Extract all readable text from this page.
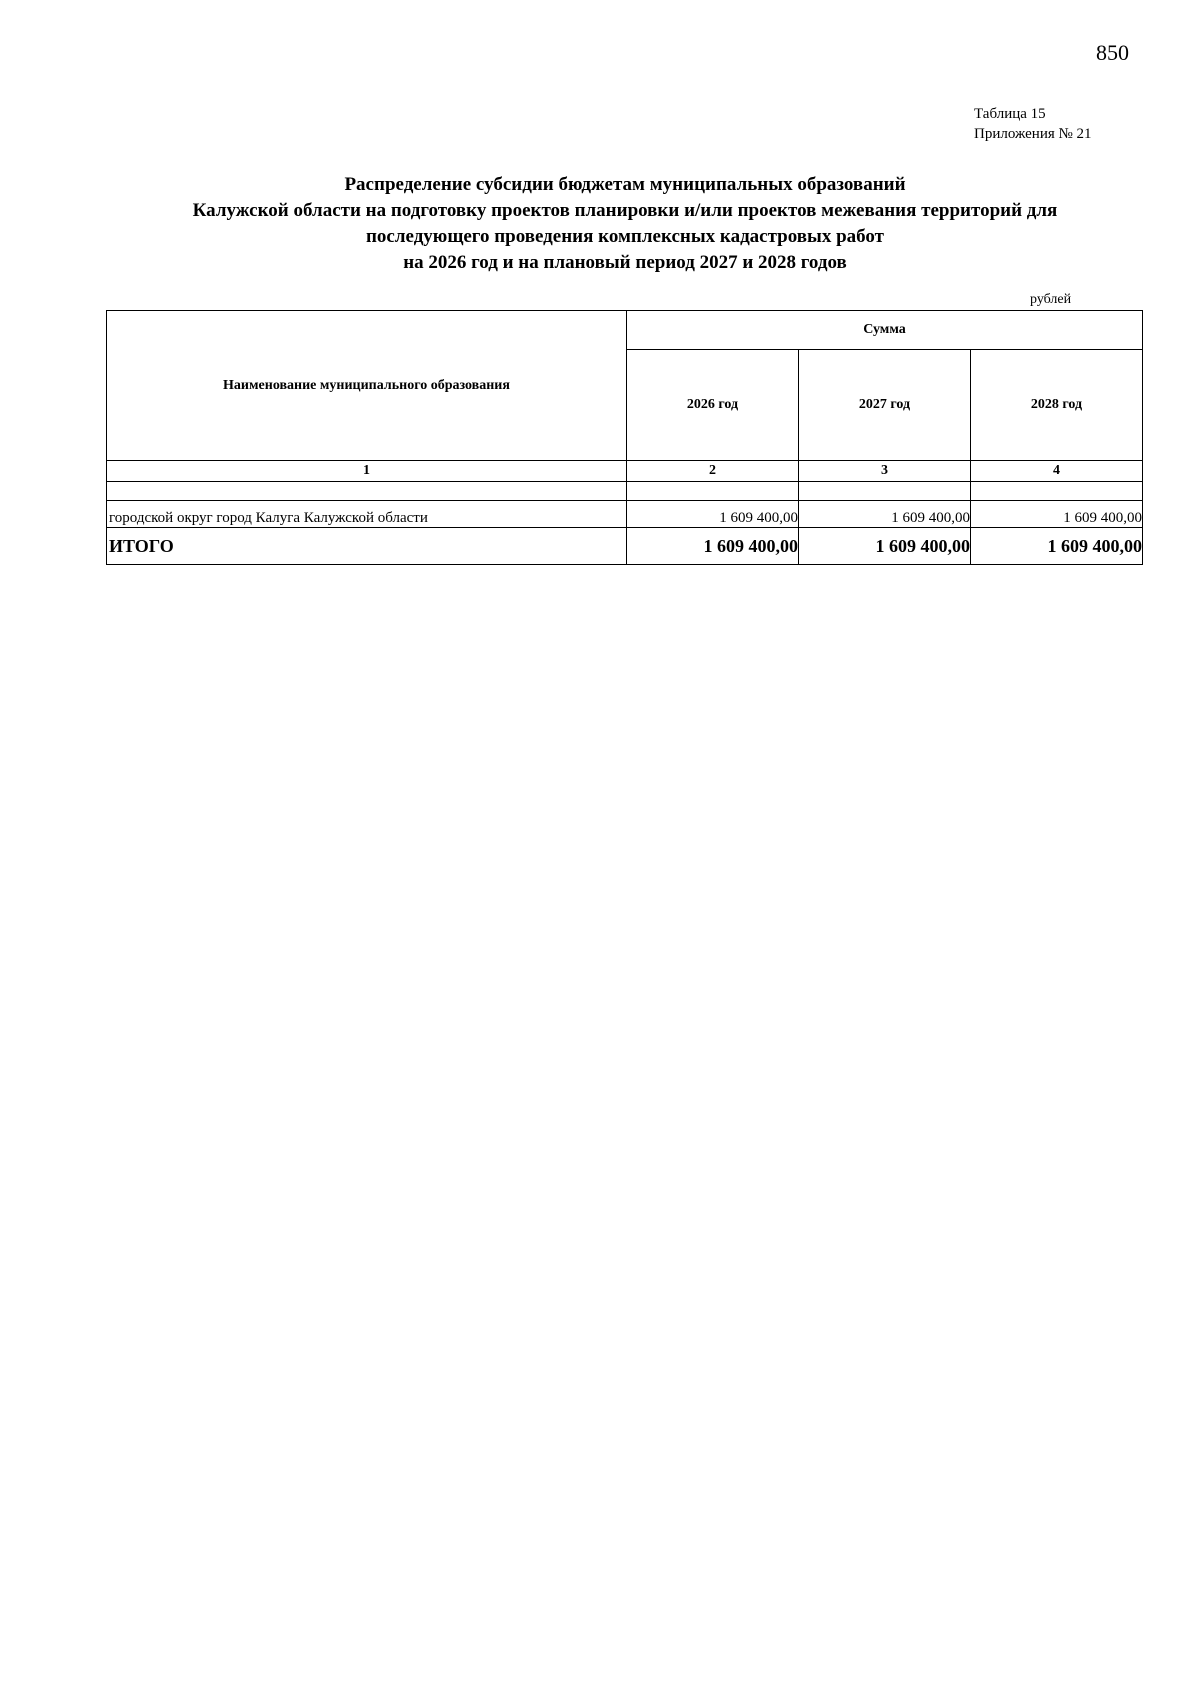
850
Таблица 15
Приложения № 21
Распределение субсидии бюджетам муниципальных образований
Калужской области на подготовку проектов планировки и/или проектов межевания территорий для
последующего проведения комплексных кадастровых работ
на 2026 год и на плановый период 2027 и 2028 годов
рублей
Наименование муниципального образования	Сумма		
	2026 год	2027 год	2028 год
1	2	3	4

городской округ город Калуга Калужской области	1 609 400,00	1 609 400,00	1 609 400,00
ИТОГО	1 609 400,00	1 609 400,00	1 609 400,00
